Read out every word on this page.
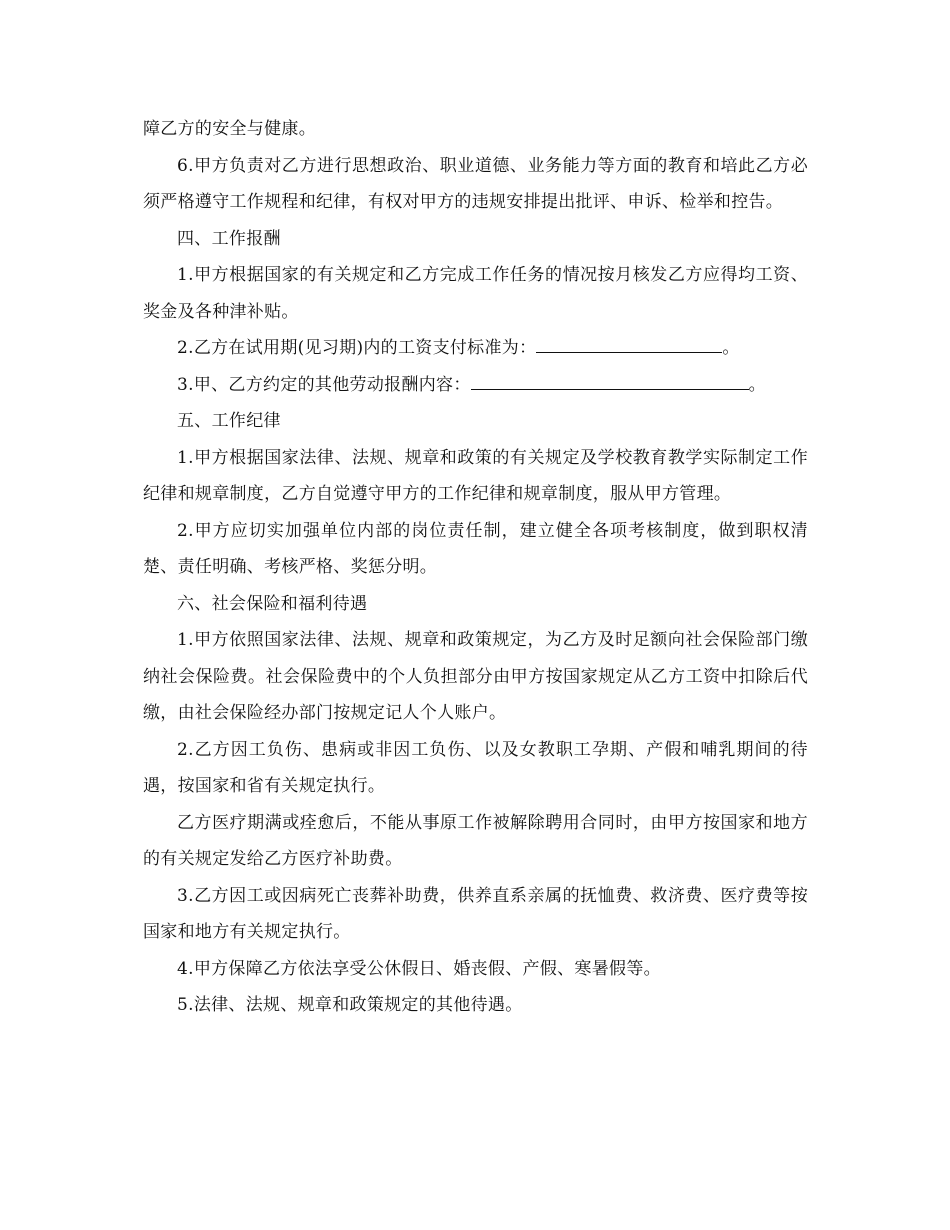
障乙方的安全与健康。

6.甲方负责对乙方进行思想政治、职业道德、业务能力等方面的教育和培此乙方必须严格遵守工作规程和纪律，有权对甲方的违规安排提出批评、申诉、检举和控告。

四、工作报酬

1.甲方根据国家的有关规定和乙方完成工作任务的情况按月核发乙方应得均工资、奖金及各种津补贴。

2.乙方在试用期(见习期)内的工资支付标准为：	。

3.甲、乙方约定的其他劳动报酬内容：	。

五、工作纪律

1.甲方根据国家法律、法规、规章和政策的有关规定及学校教育教学实际制定工作纪律和规章制度，乙方自觉遵守甲方的工作纪律和规章制度，服从甲方管理。

2.甲方应切实加强单位内部的岗位责任制，建立健全各项考核制度，做到职权清楚、责任明确、考核严格、奖惩分明。

六、社会保险和福利待遇

1.甲方依照国家法律、法规、规章和政策规定，为乙方及时足额向社会保险部门缴纳社会保险费。社会保险费中的个人负担部分由甲方按国家规定从乙方工资中扣除后代缴，由社会保险经办部门按规定记人个人账户。

2.乙方因工负伤、患病或非因工负伤、以及女教职工孕期、产假和哺乳期间的待遇，按国家和省有关规定执行。

乙方医疗期满或痊愈后，不能从事原工作被解除聘用合同时，由甲方按国家和地方的有关规定发给乙方医疗补助费。

3.乙方因工或因病死亡丧葬补助费，供养直系亲属的抚恤费、救济费、医疗费等按国家和地方有关规定执行。

4.甲方保障乙方依法享受公休假日、婚丧假、产假、寒暑假等。

5.法律、法规、规章和政策规定的其他待遇。
